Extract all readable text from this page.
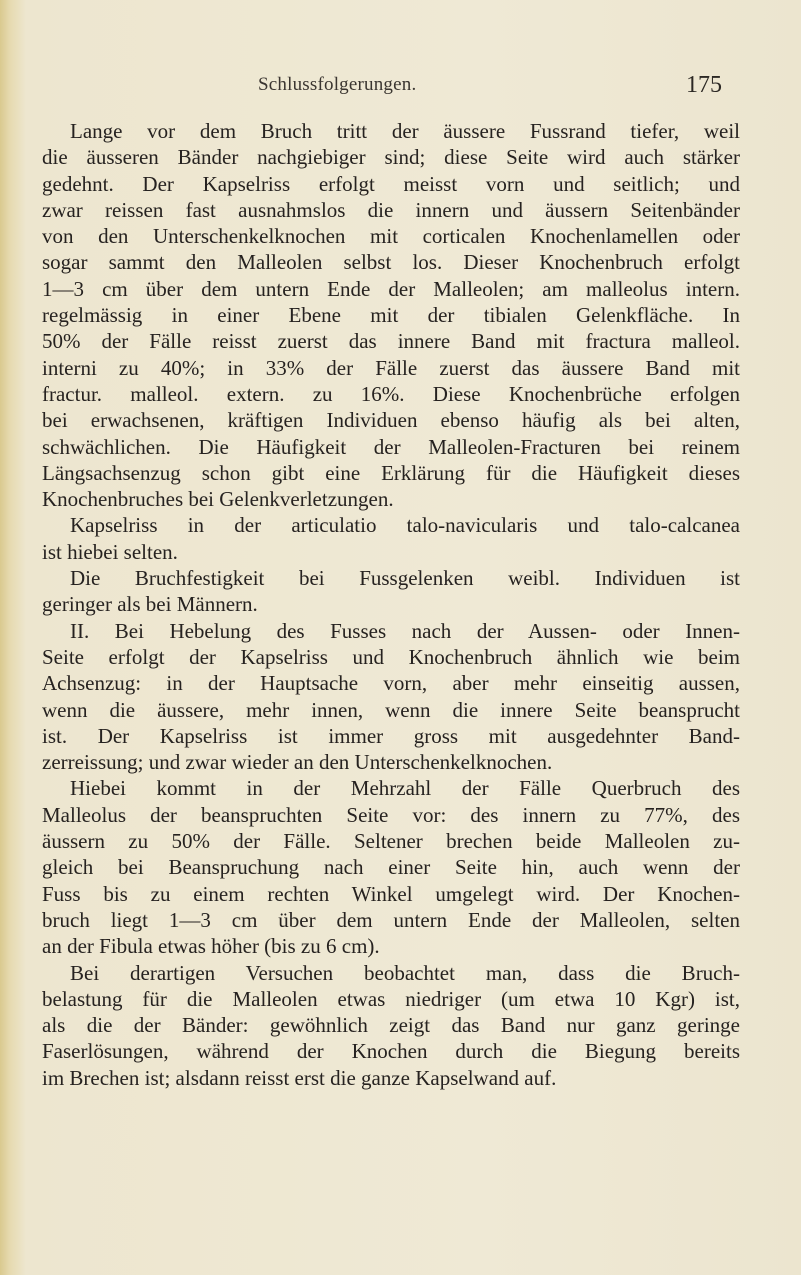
Schlussfolgerungen.	175
Lange vor dem Bruch tritt der äussere Fussrand tiefer, weil
die äusseren Bänder nachgiebiger sind; diese Seite wird auch stärker
gedehnt. Der Kapselriss erfolgt meisst vorn und seitlich; und
zwar reissen fast ausnahmslos die innern und äussern Seitenbänder
von den Unterschenkelknochen mit corticalen Knochenlamellen oder
sogar sammt den Malleolen selbst los. Dieser Knochenbruch erfolgt
1—3 cm über dem untern Ende der Malleolen; am malleolus intern.
regelmässig in einer Ebene mit der tibialen Gelenkfläche. In
50% der Fälle reisst zuerst das innere Band mit fractura malleol.
interni zu 40%; in 33% der Fälle zuerst das äussere Band mit
fractur. malleol. extern. zu 16%. Diese Knochenbrüche erfolgen
bei erwachsenen, kräftigen Individuen ebenso häufig als bei alten,
schwächlichen. Die Häufigkeit der Malleolen-Fracturen bei reinem
Längsachsenzug schon gibt eine Erklärung für die Häufigkeit dieses
Knochenbruches bei Gelenkverletzungen.
Kapselriss in der articulatio talo-navicularis und talo-calcanea
ist hiebei selten.
Die Bruchfestigkeit bei Fussgelenken weibl. Individuen ist
geringer als bei Männern.
II. Bei Hebelung des Fusses nach der Aussen- oder Innen-
Seite erfolgt der Kapselriss und Knochenbruch ähnlich wie beim
Achsenzug: in der Hauptsache vorn, aber mehr einseitig aussen,
wenn die äussere, mehr innen, wenn die innere Seite beansprucht
ist. Der Kapselriss ist immer gross mit ausgedehnter Band-
zerreissung; und zwar wieder an den Unterschenkelknochen.
Hiebei kommt in der Mehrzahl der Fälle Querbruch des
Malleolus der beanspruchten Seite vor: des innern zu 77%, des
äussern zu 50% der Fälle. Seltener brechen beide Malleolen zu-
gleich bei Beanspruchung nach einer Seite hin, auch wenn der
Fuss bis zu einem rechten Winkel umgelegt wird. Der Knochen-
bruch liegt 1—3 cm über dem untern Ende der Malleolen, selten
an der Fibula etwas höher (bis zu 6 cm).
Bei derartigen Versuchen beobachtet man, dass die Bruch-
belastung für die Malleolen etwas niedriger (um etwa 10 Kgr) ist,
als die der Bänder: gewöhnlich zeigt das Band nur ganz geringe
Faserlösungen, während der Knochen durch die Biegung bereits
im Brechen ist; alsdann reisst erst die ganze Kapselwand auf.
